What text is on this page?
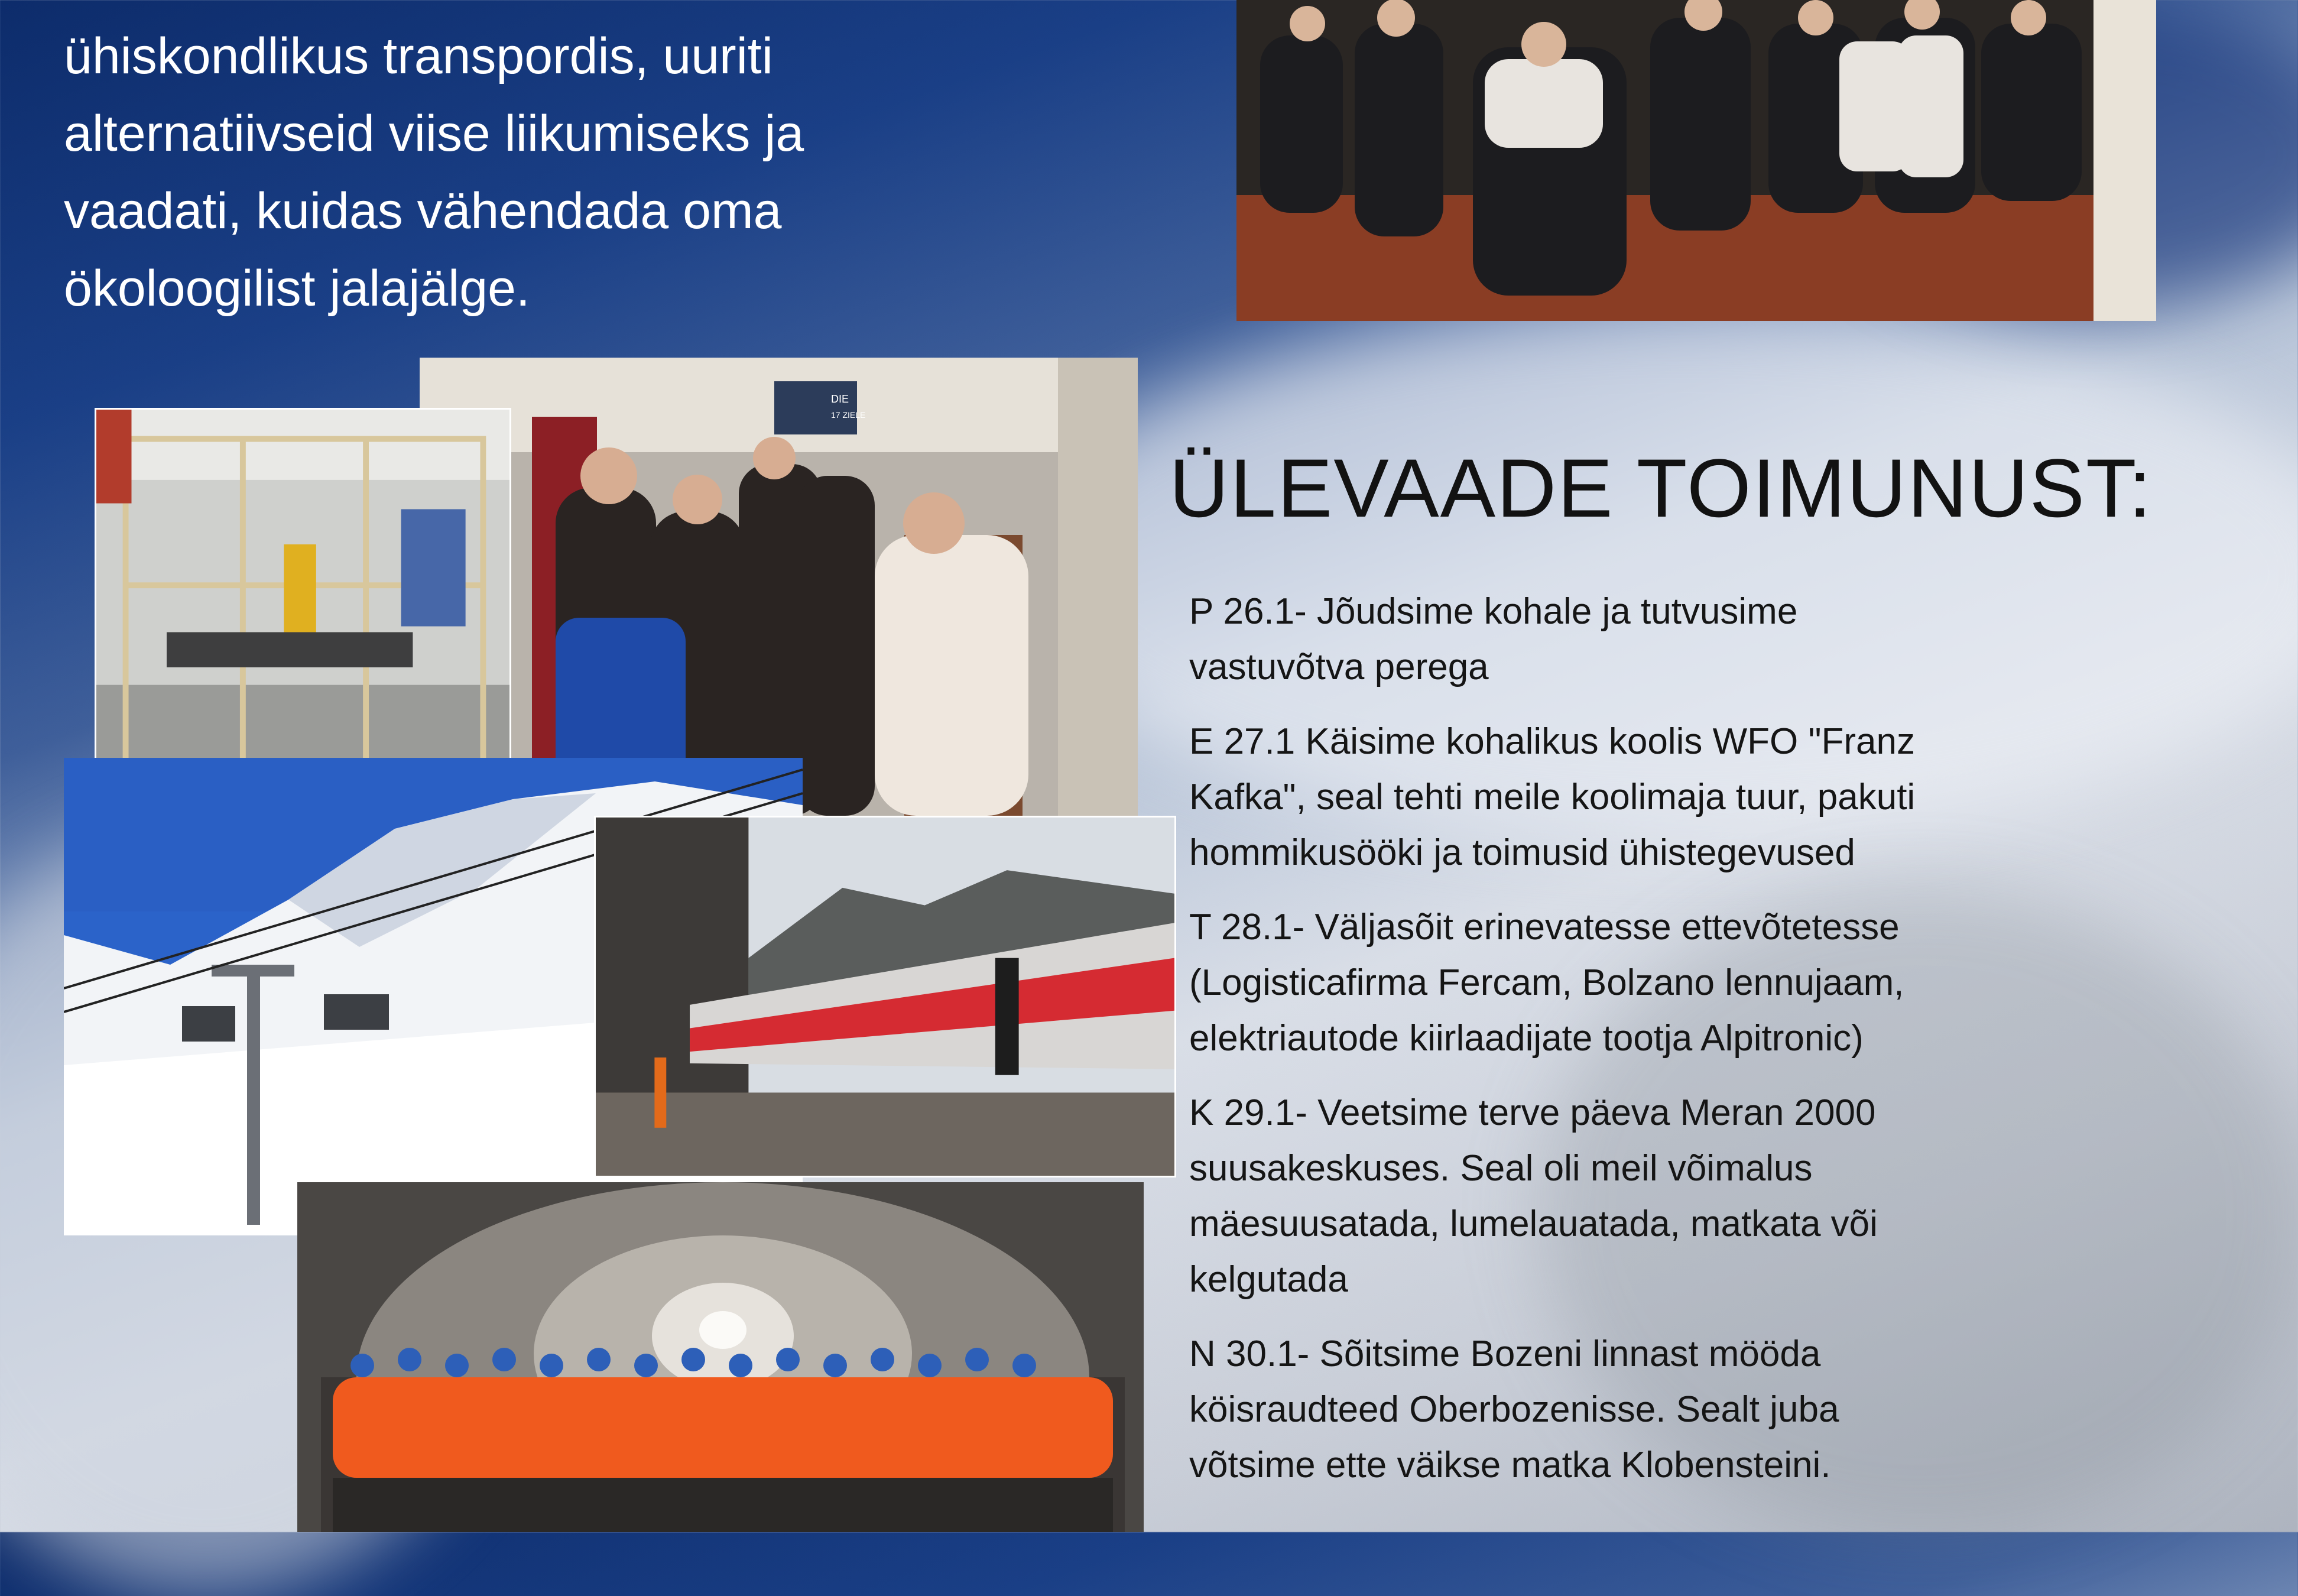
ühiskondlikus transpordis, uuriti

alternatiivseid viise liikumiseks ja

vaadati, kuidas vähendada oma

ökoloogilist jalajälge.

DIE
17 ZIELE
ÜLEVAADE TOIMUNUST:
P 26.1- Jõudsime kohale ja tutvusime
vastuvõtva perega
E 27.1 Käisime kohalikus koolis WFO "Franz
Kafka", seal tehti meile koolimaja tuur, pakuti
hommikusööki ja toimusid ühistegevused
T 28.1- Väljasõit erinevatesse ettevõtetesse
(Logisticafirma Fercam, Bolzano lennujaam,
elektriautode kiirlaadijate tootja Alpitronic)
K 29.1- Veetsime terve päeva Meran 2000
suusakeskuses. Seal oli meil võimalus
mäesuusatada, lumelauatada, matkata või
kelgutada
N 30.1- Sõitsime Bozeni linnast mööda
köisraudteed Oberbozenisse. Sealt juba
võtsime ette väikse matka Klobensteini.
